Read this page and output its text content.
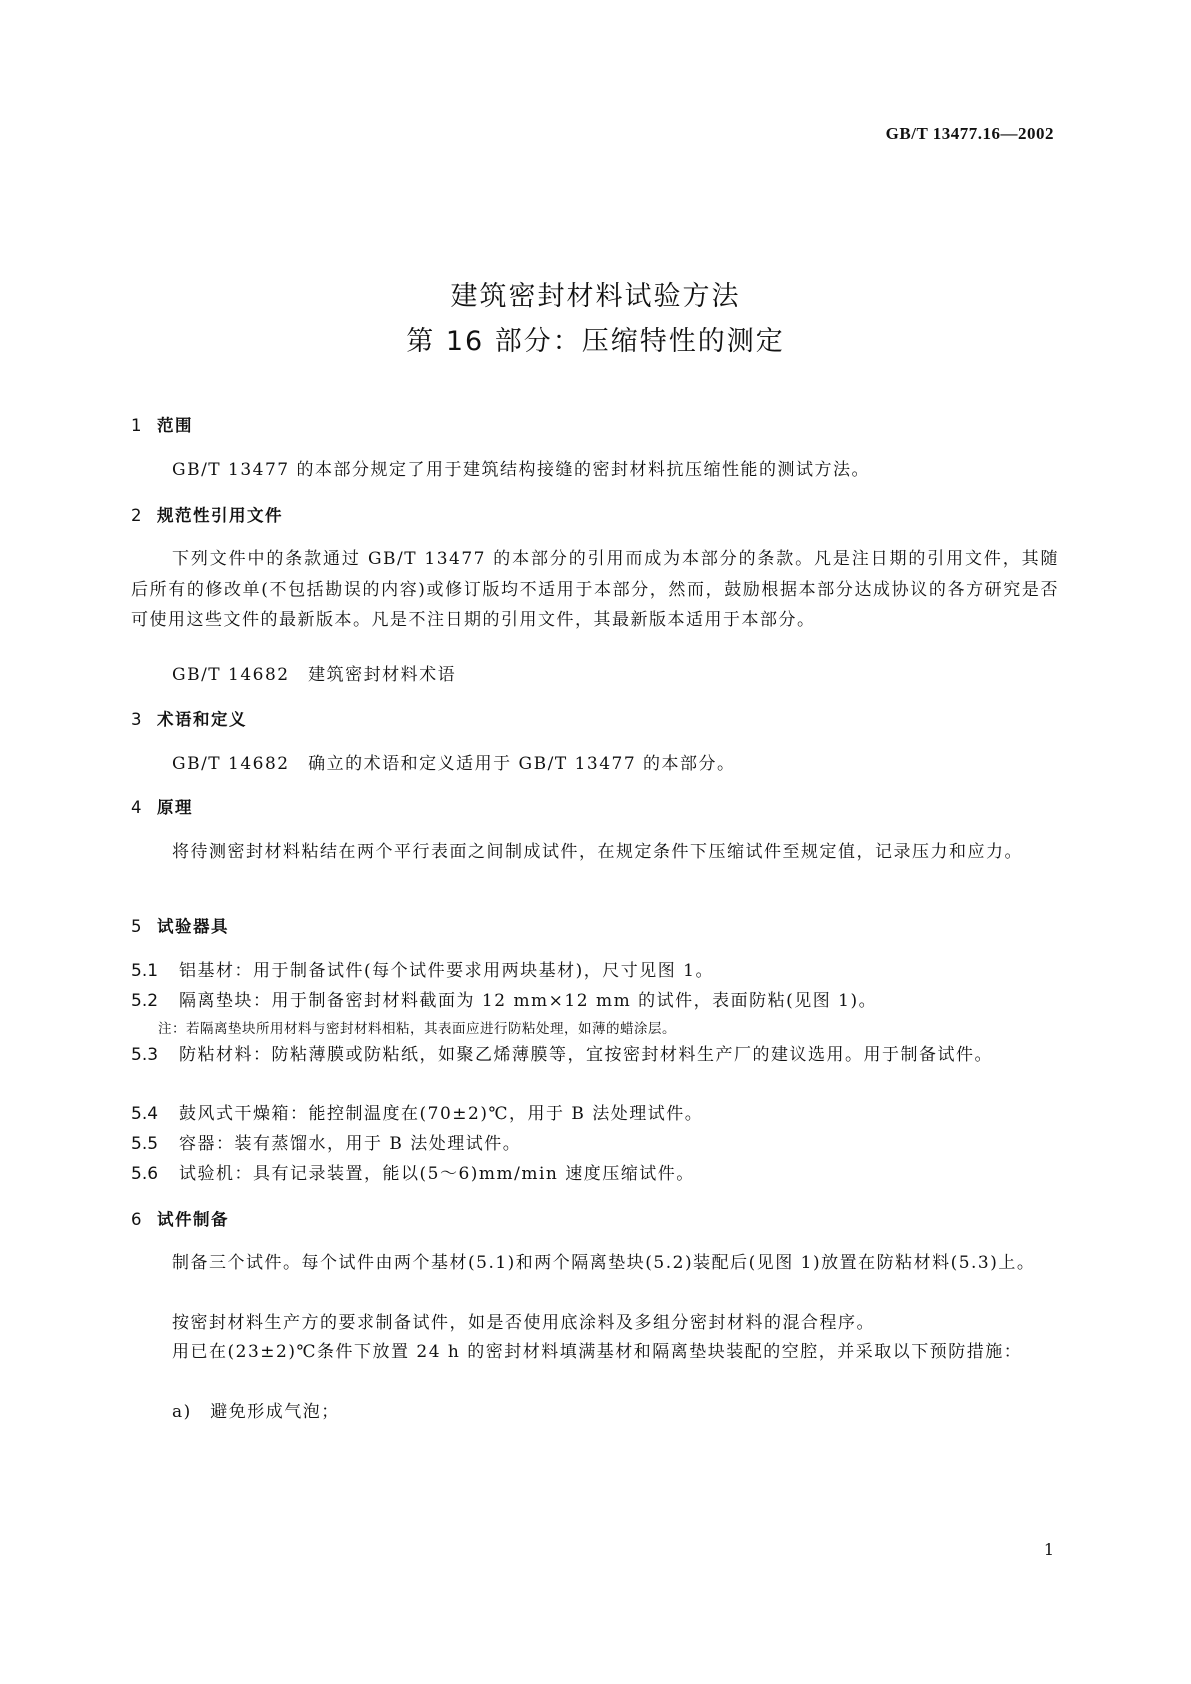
GB/T 13477.16—2002
建筑密封材料试验方法
第 16 部分：压缩特性的测定
1 范围
GB/T 13477 的本部分规定了用于建筑结构接缝的密封材料抗压缩性能的测试方法。
2 规范性引用文件
下列文件中的条款通过 GB/T 13477 的本部分的引用而成为本部分的条款。凡是注日期的引用文件，其随后所有的修改单(不包括勘误的内容)或修订版均不适用于本部分，然而，鼓励根据本部分达成协议的各方研究是否可使用这些文件的最新版本。凡是不注日期的引用文件，其最新版本适用于本部分。
GB/T 14682　建筑密封材料术语
3 术语和定义
GB/T 14682　确立的术语和定义适用于 GB/T 13477 的本部分。
4 原理
将待测密封材料粘结在两个平行表面之间制成试件，在规定条件下压缩试件至规定值，记录压力和应力。
5 试验器具
5.1 铝基材：用于制备试件(每个试件要求用两块基材)，尺寸见图 1。
5.2 隔离垫块：用于制备密封材料截面为 12 mm×12 mm 的试件，表面防粘(见图 1)。
注：若隔离垫块所用材料与密封材料相粘，其表面应进行防粘处理，如薄的蜡涂层。
5.3 防粘材料：防粘薄膜或防粘纸，如聚乙烯薄膜等，宜按密封材料生产厂的建议选用。用于制备试件。
5.4 鼓风式干燥箱：能控制温度在(70±2)℃，用于 B 法处理试件。
5.5 容器：装有蒸馏水，用于 B 法处理试件。
5.6 试验机：具有记录装置，能以(5～6)mm/min 速度压缩试件。
6 试件制备
制备三个试件。每个试件由两个基材(5.1)和两个隔离垫块(5.2)装配后(见图 1)放置在防粘材料(5.3)上。
按密封材料生产方的要求制备试件，如是否使用底涂料及多组分密封材料的混合程序。
用已在(23±2)℃条件下放置 24 h 的密封材料填满基材和隔离垫块装配的空腔，并采取以下预防措施：
a)　避免形成气泡；
1
